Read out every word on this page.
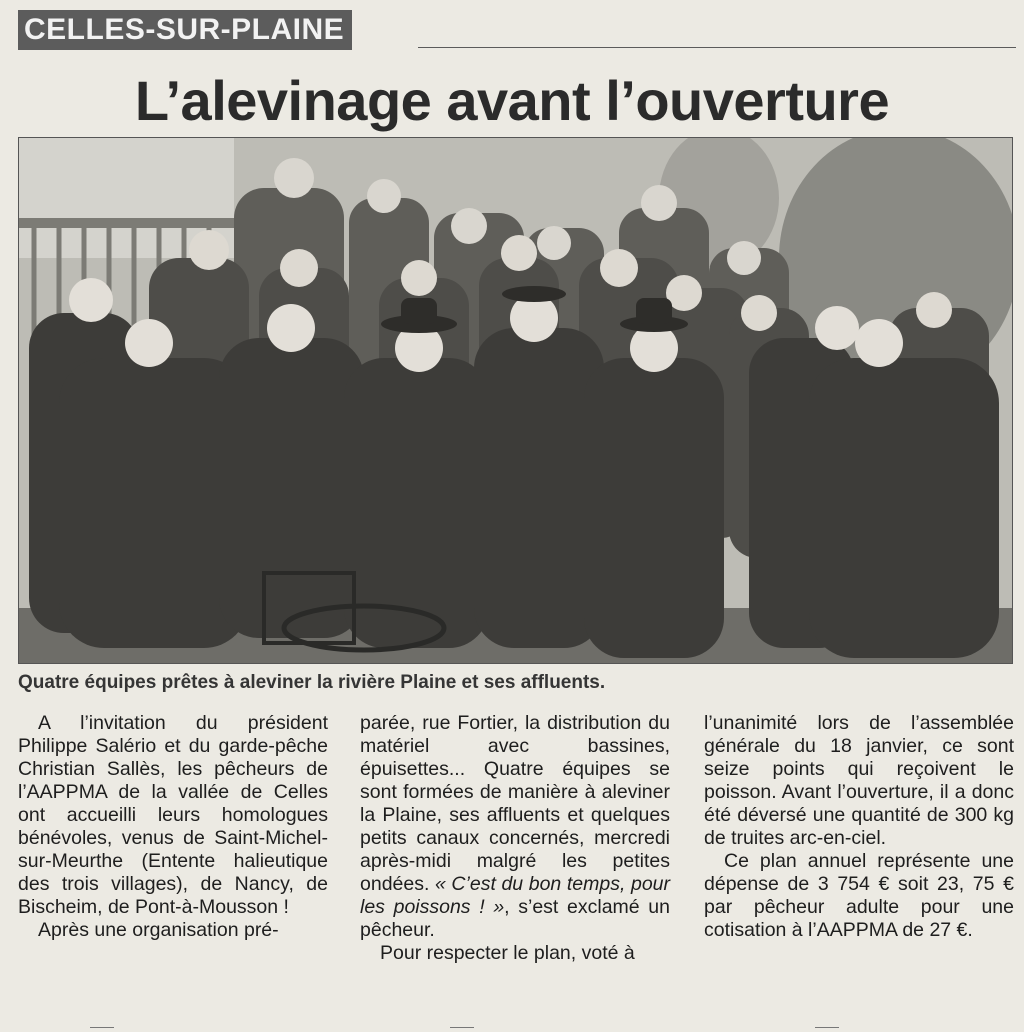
CELLES-SUR-PLAINE
L’alevinage avant l’ouverture
Quatre équipes prêtes à aleviner la rivière Plaine et ses affluents.

A l’invitation du président Philippe Salério et du garde-pêche Christian Sallès, les pêcheurs de l’AAPPMA de la vallée de Celles ont accueilli leurs homologues bénévoles, venus de Saint-Michel-sur-Meurthe (Entente halieutique des trois villages), de Nancy, de Bischeim, de Pont-à-Mousson !

Après une organisation pré-

parée, rue Fortier, la distribution du matériel avec bassines, épuisettes... Quatre équipes se sont formées de manière à aleviner la Plaine, ses affluents et quelques petits canaux concernés, mercredi après-midi malgré les petites ondées. « C’est du bon temps, pour les poissons ! », s’est exclamé un pêcheur.

Pour respecter le plan, voté à

l’unanimité lors de l’assemblée générale du 18 janvier, ce sont seize points qui reçoivent le poisson. Avant l’ouverture, il a donc été déversé une quantité de 300 kg de truites arc-en-ciel.

Ce plan annuel représente une dépense de 3 754 € soit 23, 75 € par pêcheur adulte pour une cotisation à l’AAPPMA de 27 €.
